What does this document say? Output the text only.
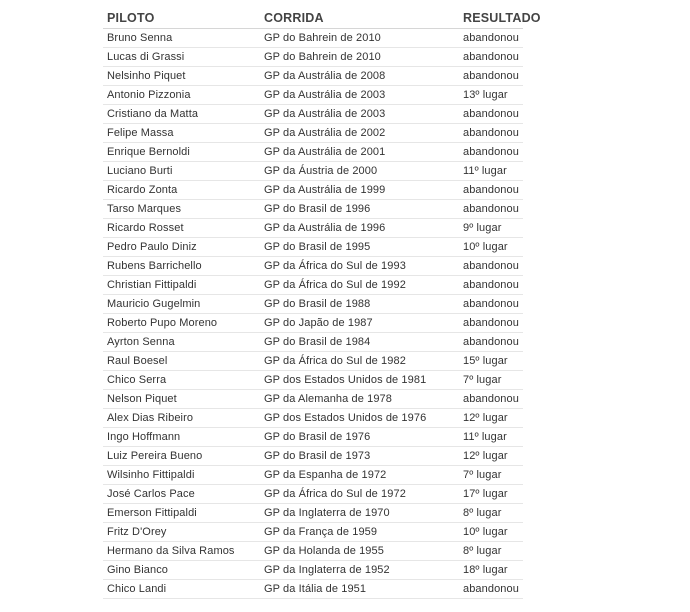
PILOTO	CORRIDA	RESULTADO
Bruno Senna	GP do Bahrein de 2010	abandonou
Lucas di Grassi	GP do Bahrein de 2010	abandonou
Nelsinho Piquet	GP da Austrália de 2008	abandonou
Antonio Pizzonia	GP da Austrália de 2003	13º lugar
Cristiano da Matta	GP da Austrália de 2003	abandonou
Felipe Massa	GP da Austrália de 2002	abandonou
Enrique Bernoldi	GP da Austrália de 2001	abandonou
Luciano Burti	GP da Áustria de 2000	11º lugar
Ricardo Zonta	GP da Austrália de 1999	abandonou
Tarso Marques	GP do Brasil de 1996	abandonou
Ricardo Rosset	GP da Austrália de 1996	9º lugar
Pedro Paulo Diniz	GP do Brasil de 1995	10º lugar
Rubens Barrichello	GP da África do Sul de 1993	abandonou
Christian Fittipaldi	GP da África do Sul de 1992	abandonou
Mauricio Gugelmin	GP do Brasil de 1988	abandonou
Roberto Pupo Moreno	GP do Japão de 1987	abandonou
Ayrton Senna	GP do Brasil de 1984	abandonou
Raul Boesel	GP da África do Sul de 1982	15º lugar
Chico Serra	GP dos Estados Unidos de 1981	7º lugar
Nelson Piquet	GP da Alemanha de 1978	abandonou
Alex Dias Ribeiro	GP dos Estados Unidos de 1976	12º lugar
Ingo Hoffmann	GP do Brasil de 1976	11º lugar
Luiz Pereira Bueno	GP do Brasil de 1973	12º lugar
Wilsinho Fittipaldi	GP da Espanha de 1972	7º lugar
José Carlos Pace	GP da África do Sul de 1972	17º lugar
Emerson Fittipaldi	GP da Inglaterra de 1970	8º lugar
Fritz D'Orey	GP da França de 1959	10º lugar
Hermano da Silva Ramos	GP da Holanda de 1955	8º lugar
Gino Bianco	GP da Inglaterra de 1952	18º lugar
Chico Landi	GP da Itália de 1951	abandonou
